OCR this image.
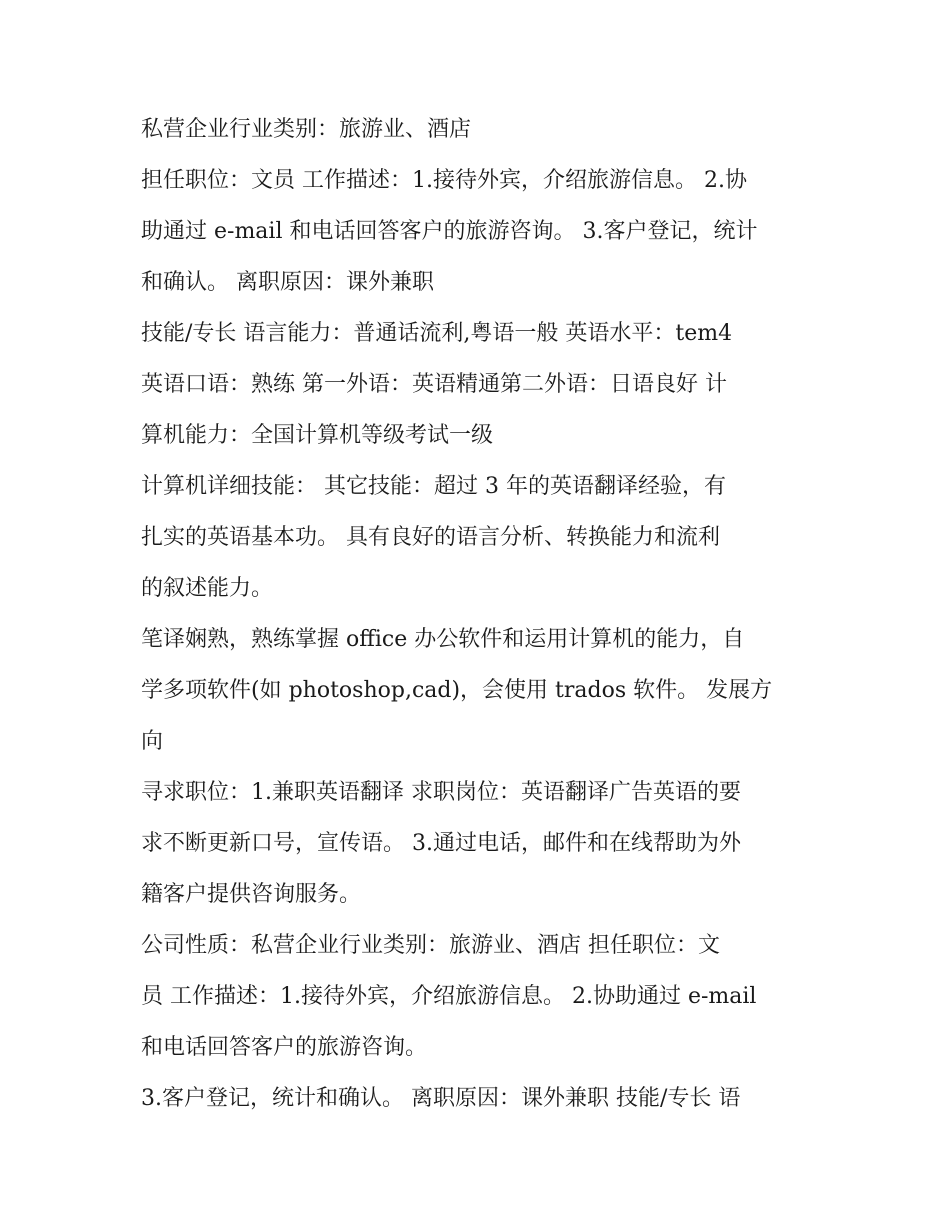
私营企业行业类别：旅游业、酒店
担任职位：文员 工作描述：1.接待外宾，介绍旅游信息。 2.协
助通过 e-mail 和电话回答客户的旅游咨询。 3.客户登记，统计
和确认。 离职原因：课外兼职
技能/专长 语言能力：普通话流利,粤语一般 英语水平：tem4
英语口语：熟练 第一外语：英语精通第二外语：日语良好 计
算机能力：全国计算机等级考试一级
计算机详细技能： 其它技能：超过 3 年的英语翻译经验，有
扎实的英语基本功。 具有良好的语言分析、转换能力和流利
的叙述能力。
笔译娴熟，熟练掌握 office 办公软件和运用计算机的能力，自
学多项软件(如 photoshop,cad)，会使用 trados 软件。 发展方
向
寻求职位：1.兼职英语翻译 求职岗位：英语翻译广告英语的要
求不断更新口号，宣传语。 3.通过电话，邮件和在线帮助为外
籍客户提供咨询服务。
公司性质：私营企业行业类别：旅游业、酒店 担任职位：文
员 工作描述：1.接待外宾，介绍旅游信息。 2.协助通过 e-mail
和电话回答客户的旅游咨询。
3.客户登记，统计和确认。 离职原因：课外兼职 技能/专长 语
